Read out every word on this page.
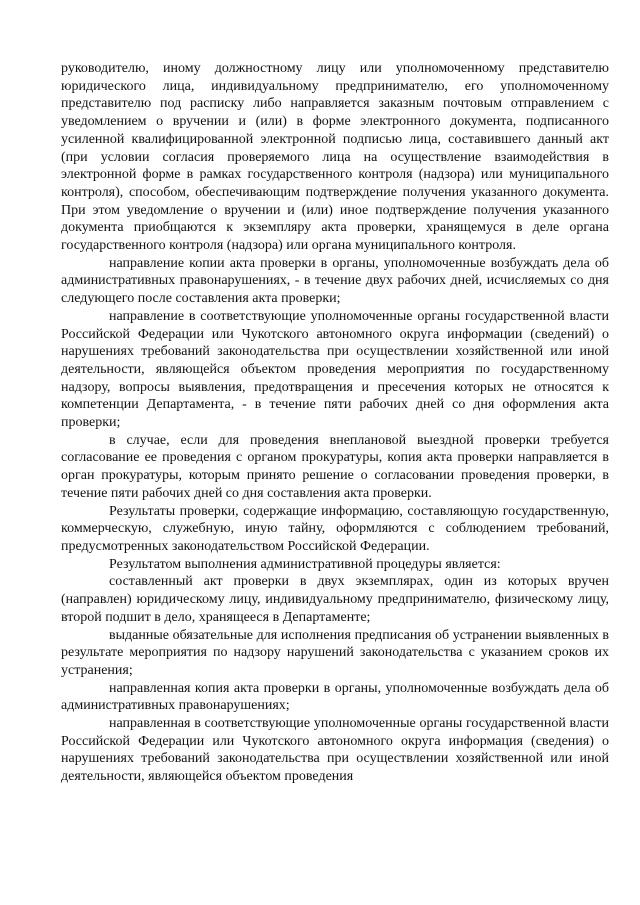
руководителю, иному должностному лицу или уполномоченному представителю юридического лица, индивидуальному предпринимателю, его уполномоченному представителю под расписку либо направляется заказным почтовым отправлением с уведомлением о вручении и (или) в форме электронного документа, подписанного усиленной квалифицированной электронной подписью лица, составившего данный акт (при условии согласия проверяемого лица на осуществление взаимодействия в электронной форме в рамках государственного контроля (надзора) или муниципального контроля), способом, обеспечивающим подтверждение получения указанного документа. При этом уведомление о вручении и (или) иное подтверждение получения указанного документа приобщаются к экземпляру акта проверки, хранящемуся в деле органа государственного контроля (надзора) или органа муниципального контроля.

направление копии акта проверки в органы, уполномоченные возбуждать дела об административных правонарушениях, - в течение двух рабочих дней, исчисляемых со дня следующего после составления акта проверки;

направление в соответствующие уполномоченные органы государственной власти Российской Федерации или Чукотского автономного округа информации (сведений) о нарушениях требований законодательства при осуществлении хозяйственной или иной деятельности, являющейся объектом проведения мероприятия по государственному надзору, вопросы выявления, предотвращения и пресечения которых не относятся к компетенции Департамента, - в течение пяти рабочих дней со дня оформления акта проверки;

в случае, если для проведения внеплановой выездной проверки требуется согласование ее проведения с органом прокуратуры, копия акта проверки направляется в орган прокуратуры, которым принято решение о согласовании проведения проверки, в течение пяти рабочих дней со дня составления акта проверки.

Результаты проверки, содержащие информацию, составляющую государственную, коммерческую, служебную, иную тайну, оформляются с соблюдением требований, предусмотренных законодательством Российской Федерации.

Результатом выполнения административной процедуры является:

составленный акт проверки в двух экземплярах, один из которых вручен (направлен) юридическому лицу, индивидуальному предпринимателю, физическому лицу, второй подшит в дело, хранящееся в Департаменте;

выданные обязательные для исполнения предписания об устранении выявленных в результате мероприятия по надзору нарушений законодательства с указанием сроков их устранения;

направленная копия акта проверки в органы, уполномоченные возбуждать дела об административных правонарушениях;

направленная в соответствующие уполномоченные органы государственной власти Российской Федерации или Чукотского автономного округа информация (сведения) о нарушениях требований законодательства при осуществлении хозяйственной или иной деятельности, являющейся объектом проведения
